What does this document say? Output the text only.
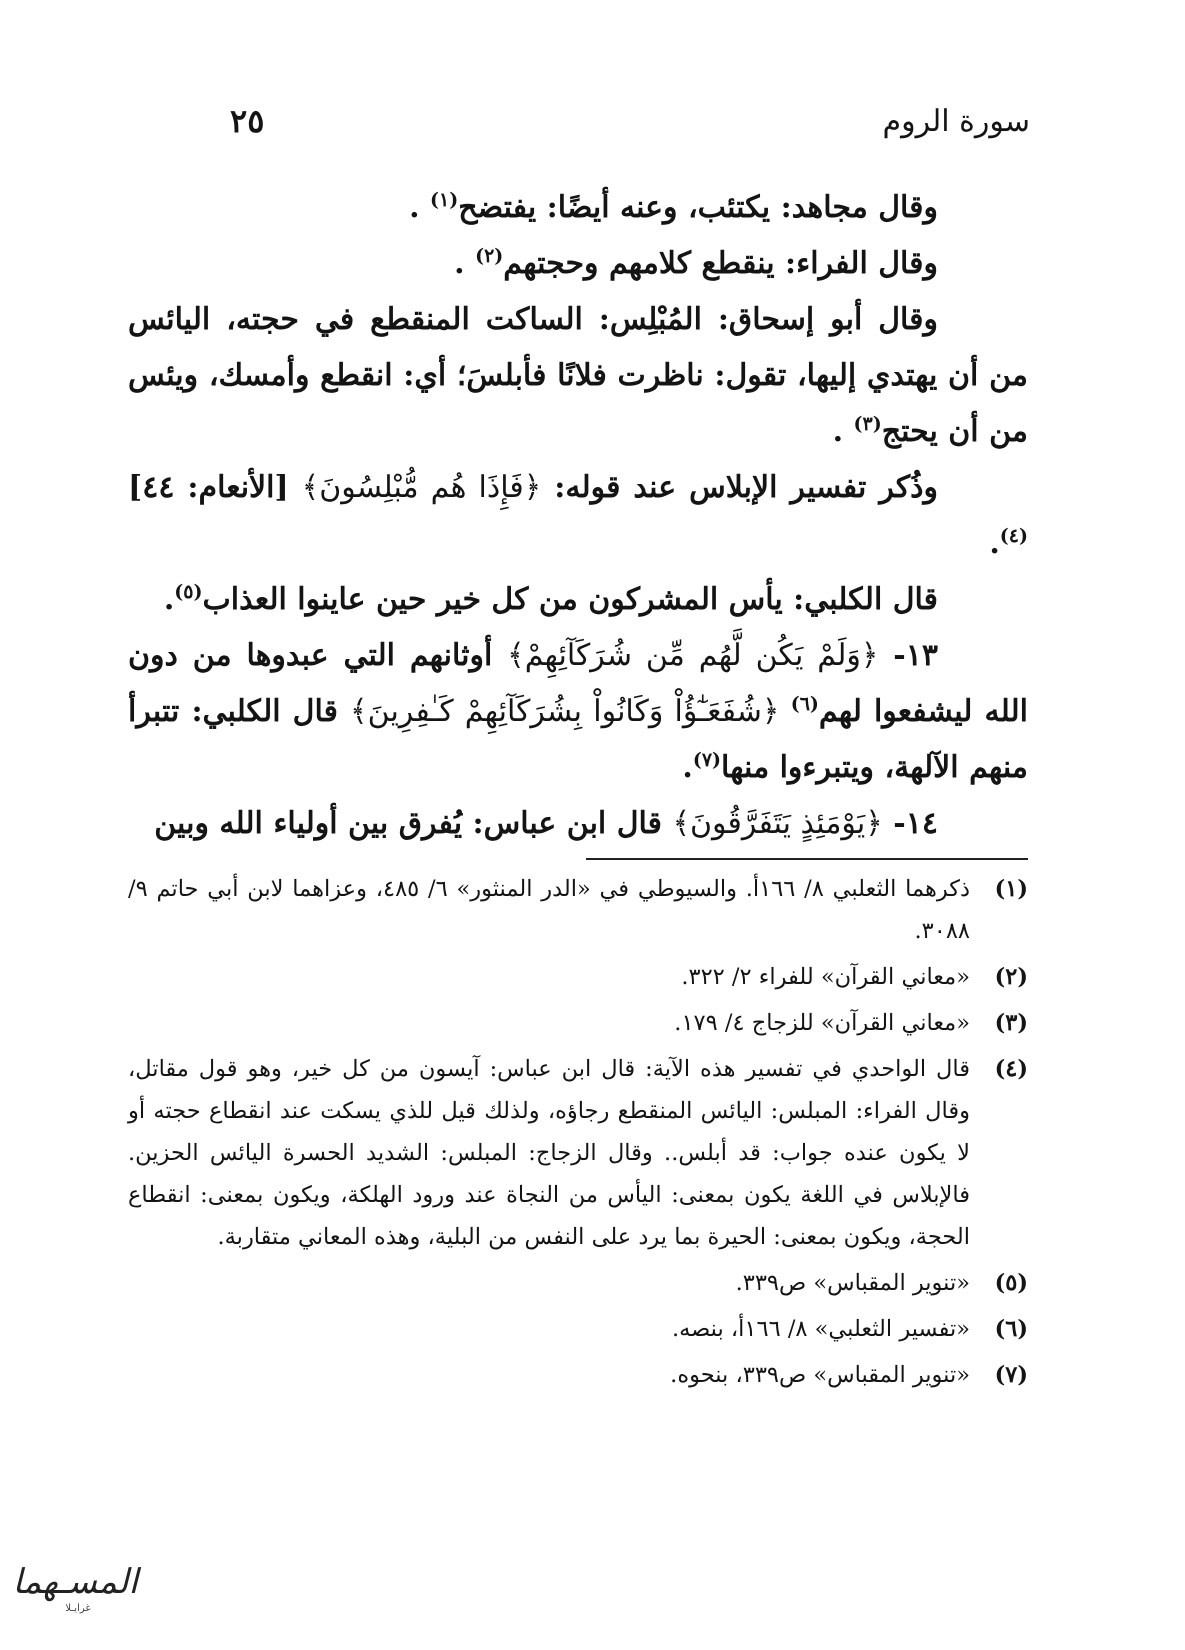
سورة الروم
٢٥

وقال مجاهد: يكتئب، وعنه أيضًا: يفتضح$^{(١)}$ .

وقال الفراء: ينقطع كلامهم وحجتهم$^{(٢)}$ .

وقال أبو إسحاق: المُبْلِس: الساكت المنقطع في حجته، اليائس من أن يهتدي إليها، تقول: ناظرت فلانًا فأبلسَ؛ أي: انقطع وأمسك، ويئس من أن يحتج$^{(٣)}$ .

وذُكر تفسير الإبلاس عند قوله: ﴿فَإِذَا هُم مُّبْلِسُونَ﴾ [الأنعام: ٤٤]$^{(٤)}$.

قال الكلبي: يأس المشركون من كل خير حين عاينوا العذاب$^{(٥)}$.

١٣- ﴿وَلَمْ يَكُن لَّهُم مِّن شُرَكَآئِهِمْ﴾ أوثانهم التي عبدوها من دون الله ليشفعوا لهم$^{(٦)}$ ﴿شُفَعَـٰٓؤُاْ وَكَانُواْ بِشُرَكَآئِهِمْ كَـٰفِرِينَ﴾ قال الكلبي: تتبرأ منهم الآلهة، ويتبرءوا منها$^{(٧)}$.

١٤- ﴿يَوْمَئِذٍ يَتَفَرَّقُونَ﴾ قال ابن عباس: يُفرق بين أولياء الله وبين

(١)
ذكرهما الثعلبي ٨/ ١٦٦أ. والسيوطي في «الدر المنثور» ٦/ ٤٨٥، وعزاهما لابن أبي حاتم ٩/ ٣٠٨٨.
(٢)
«معاني القرآن» للفراء ٢/ ٣٢٢.
(٣)
«معاني القرآن» للزجاج ٤/ ١٧٩.
(٤)
قال الواحدي في تفسير هذه الآية: قال ابن عباس: آيسون من كل خير، وهو قول مقاتل، وقال الفراء: المبلس: اليائس المنقطع رجاؤه، ولذلك قيل للذي يسكت عند انقطاع حجته أو لا يكون عنده جواب: قد أبلس.. وقال الزجاج: المبلس: الشديد الحسرة اليائس الحزين. فالإبلاس في اللغة يكون بمعنى: اليأس من النجاة عند ورود الهلكة، ويكون بمعنى: انقطاع الحجة، ويكون بمعنى: الحيرة بما يرد على النفس من البلية، وهذه المعاني متقاربة.
(٥)
«تنوير المقباس» ص٣٣٩.
(٦)
«تفسير الثعلبي» ٨/ ١٦٦أ، بنصه.
(٧)
«تنوير المقباس» ص٣٣٩، بنحوه.
المسـهما
غرايـلا
